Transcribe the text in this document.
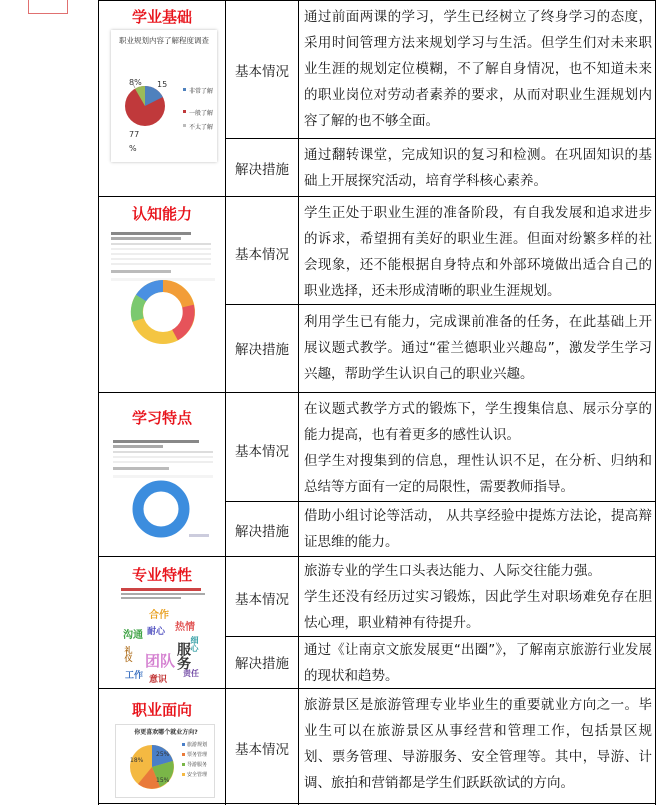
学业基础
职业规划内容了解程度调查
8% 15
77
%
非常了解
一般了解
不太了解
基本情况

通过前面两课的学习，学生已经树立了终身学习的态度，采用时间管理方法来规划学习与生活。但学生们对未来职业生涯的规划定位模糊，不了解自身情况，也不知道未来的职业岗位对劳动者素养的要求，从而对职业生涯规划内容了解的也不够全面。

解决措施

通过翻转课堂，完成知识的复习和检测。在巩固知识的基础上开展探究活动，培育学科核心素养。

认知能力
基本情况

学生正处于职业生涯的准备阶段，有自我发展和追求进步的诉求，希望拥有美好的职业生涯。但面对纷繁多样的社会现象，还不能根据自身特点和外部环境做出适合自己的职业选择，还未形成清晰的职业生涯规划。

解决措施

利用学生已有能力，完成课前准备的任务，在此基础上开展议题式教学。通过“霍兰德职业兴趣岛”，激发学生学习兴趣，帮助学生认识自己的职业兴趣。

学习特点
基本情况

在议题式教学方式的锻炼下，学生搜集信息、展示分享的能力提高，也有着更多的感性认识。

但学生对搜集到的信息，理性认识不足，在分析、归纳和总结等方面有一定的局限性，需要教师指导。

解决措施

借助小组讨论等活动， 从共享经验中提炼方法论，提高辩证思维的能力。

专业特性
合作
团队 服务
工作 意识
沟通
热情
耐心
细心
礼仪
责任
基本情况

旅游专业的学生口头表达能力、人际交往能力强。

学生还没有经历过实习锻炼，因此学生对职场难免存在胆怯心理，职业精神有待提升。

解决措施

通过《让南京文旅发展更“出圈”》，了解南京旅游行业发展的现状和趋势。

职业面向
你更喜欢哪个就业方向?
旅游规划
票务管理
导游服务
安全管理
18%
15%
25%	基本情况

旅游景区是旅游管理专业毕业生的重要就业方向之一。毕业生可以在旅游景区从事经营和管理工作，包括景区规划、票务管理、导游服务、安全管理等。其中，导游、计调、旅拍和营销都是学生们跃跃欲试的方向。
